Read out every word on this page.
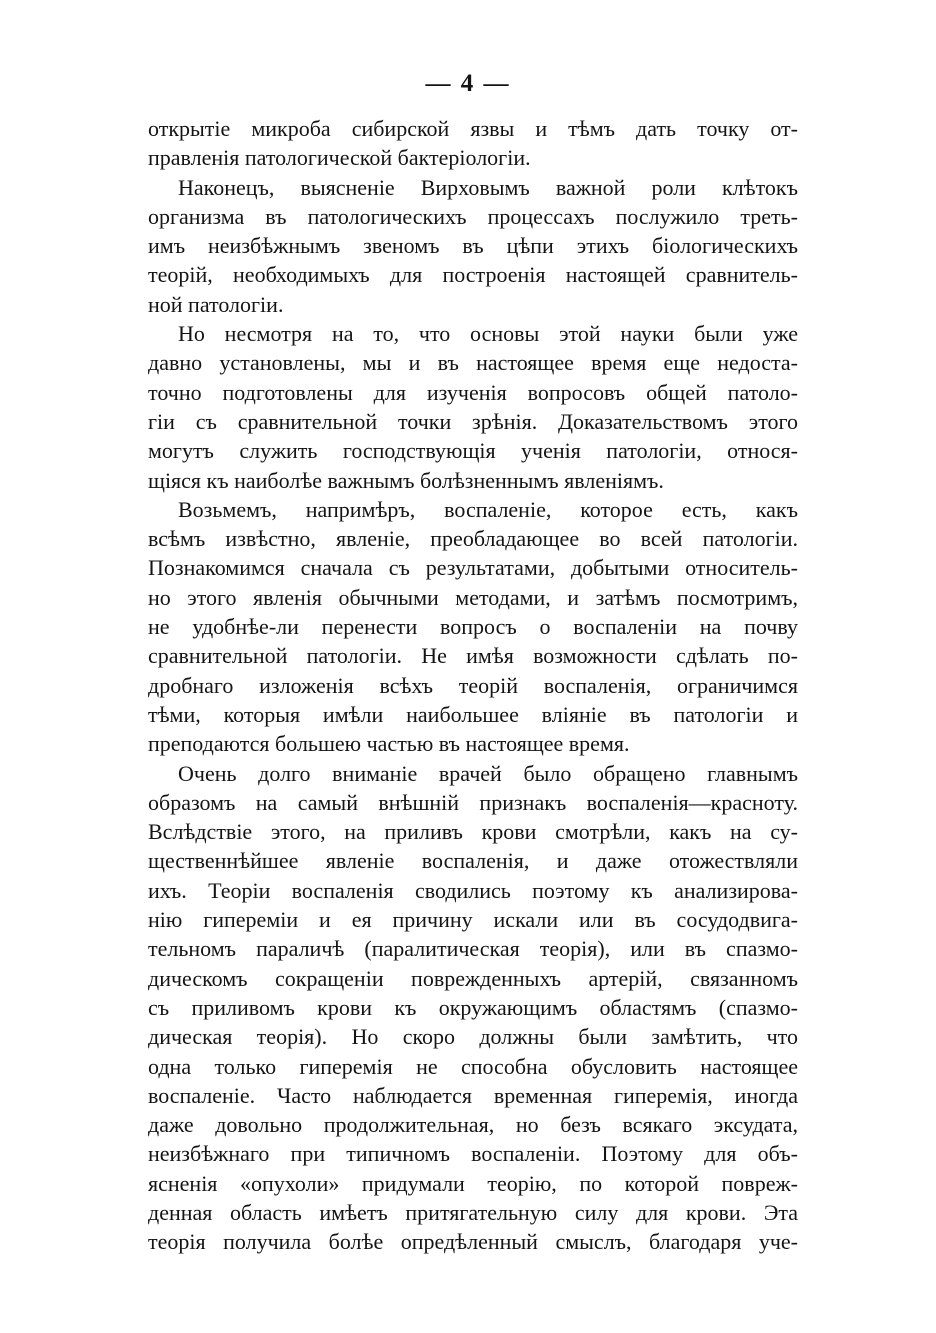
— 4 —
открытіе микроба сибирской язвы и тѣмъ дать точку от-
правленія патологической бактеріологіи.
Наконецъ, выясненіе Вирховымъ важной роли клѣтокъ
организма въ патологическихъ процессахъ послужило треть-
имъ неизбѣжнымъ звеномъ въ цѣпи этихъ біологическихъ
теорій, необходимыхъ для построенія настоящей сравнитель-
ной патологіи.
Но несмотря на то, что основы этой науки были уже
давно установлены, мы и въ настоящее время еще недоста-
точно подготовлены для изученія вопросовъ общей патоло-
гіи съ сравнительной точки зрѣнія. Доказательствомъ этого
могутъ служить господствующія ученія патологіи, относя-
щіяся къ наиболѣе важнымъ болѣзненнымъ явленіямъ.
Возьмемъ, напримѣръ, воспаленіе, которое есть, какъ
всѣмъ извѣстно, явленіе, преобладающее во всей патологіи.
Познакомимся сначала съ результатами, добытыми относитель-
но этого явленія обычными методами, и затѣмъ посмотримъ,
не удобнѣе-ли перенести вопросъ о воспаленіи на почву
сравнительной патологіи. Не имѣя возможности сдѣлать по-
дробнаго изложенія всѣхъ теорій воспаленія, ограничимся
тѣми, которыя имѣли наибольшее вліяніе въ патологіи и
преподаются большею частью въ настоящее время.
Очень долго вниманіе врачей было обращено главнымъ
образомъ на самый внѣшній признакъ воспаленія—красноту.
Вслѣдствіе этого, на приливъ крови смотрѣли, какъ на су-
щественнѣйшее явленіе воспаленія, и даже отожествляли
ихъ. Теоріи воспаленія сводились поэтому къ анализирова-
нію гипереміи и ея причину искали или въ сосудодвига-
тельномъ параличѣ (паралитическая теорія), или въ спазмо-
дическомъ сокращеніи поврежденныхъ артерій, связанномъ
съ приливомъ крови къ окружающимъ областямъ (спазмо-
дическая теорія). Но скоро должны были замѣтить, что
одна только гиперемія не способна обусловить настоящее
воспаленіе. Часто наблюдается временная гиперемія, иногда
даже довольно продолжительная, но безъ всякаго эксудата,
неизбѣжнаго при типичномъ воспаленіи. Поэтому для объ-
ясненія «опухоли» придумали теорію, по которой повреж-
денная область имѣетъ притягательную силу для крови. Эта
теорія получила болѣе опредѣленный смыслъ, благодаря уче-
